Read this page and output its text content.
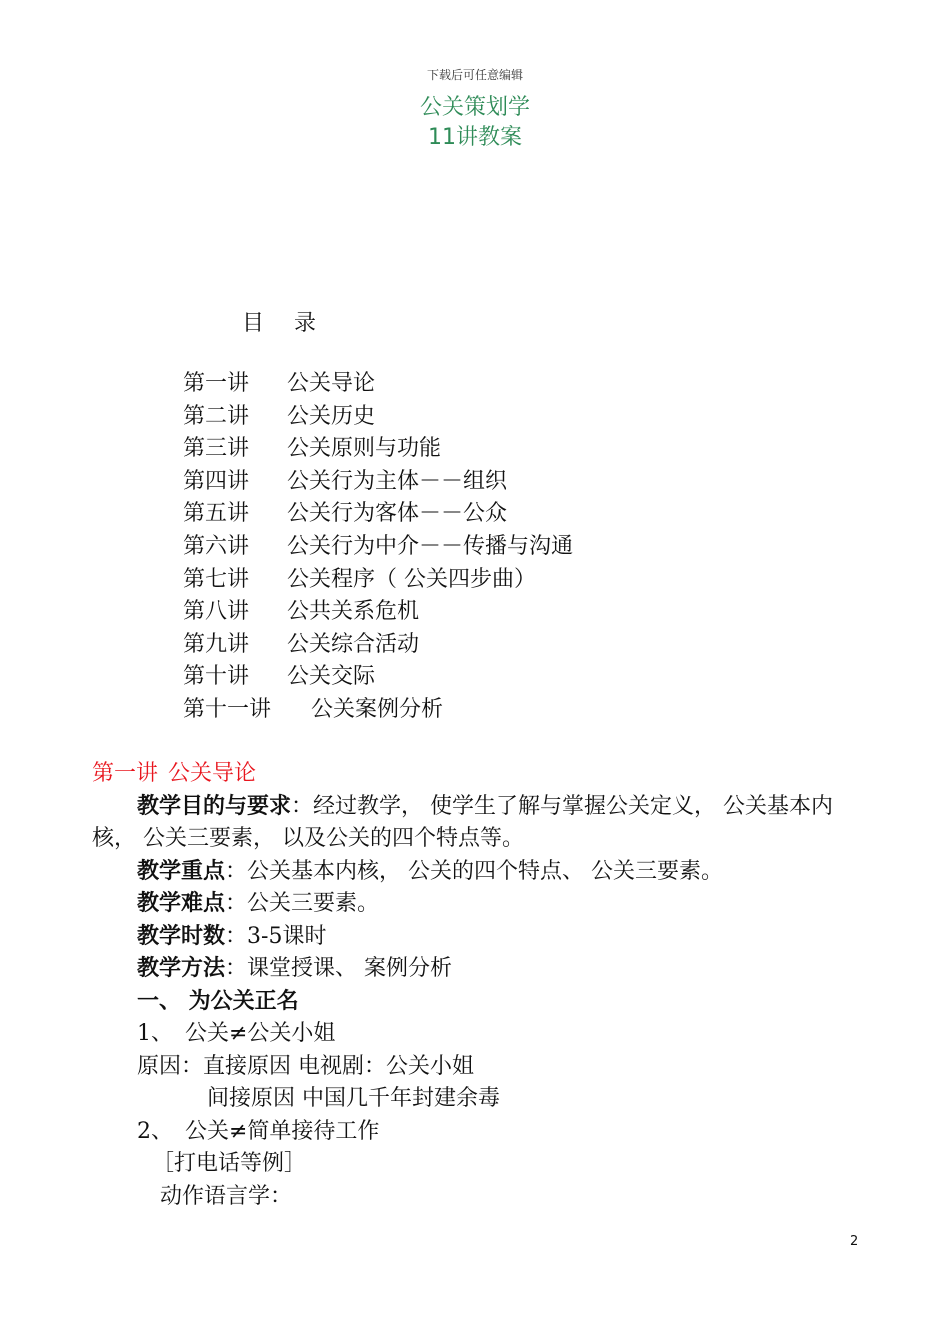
下载后可任意编辑
公关策划学
11讲教案
目 录
第一讲 公关导论
第二讲 公关历史
第三讲 公关原则与功能
第四讲 公关行为主体－－组织
第五讲 公关行为客体－－公众
第六讲 公关行为中介－－传播与沟通
第七讲 公关程序（ 公关四步曲）
第八讲 公共关系危机
第九讲 公关综合活动
第十讲 公关交际
第十一讲 公关案例分析
第一讲 公关导论
教学目的与要求：经过教学， 使学生了解与掌握公关定义， 公关基本内
核， 公关三要素， 以及公关的四个特点等。
教学重点：公关基本内核， 公关的四个特点、 公关三要素。
教学难点：公关三要素。
教学时数：3-5课时
教学方法：课堂授课、 案例分析
一、 为公关正名
1、 公关≠公关小姐
原因：直接原因 电视剧：公关小姐
间接原因 中国几千年封建余毒
2、 公关≠简单接待工作
［打电话等例］
动作语言学：
2
